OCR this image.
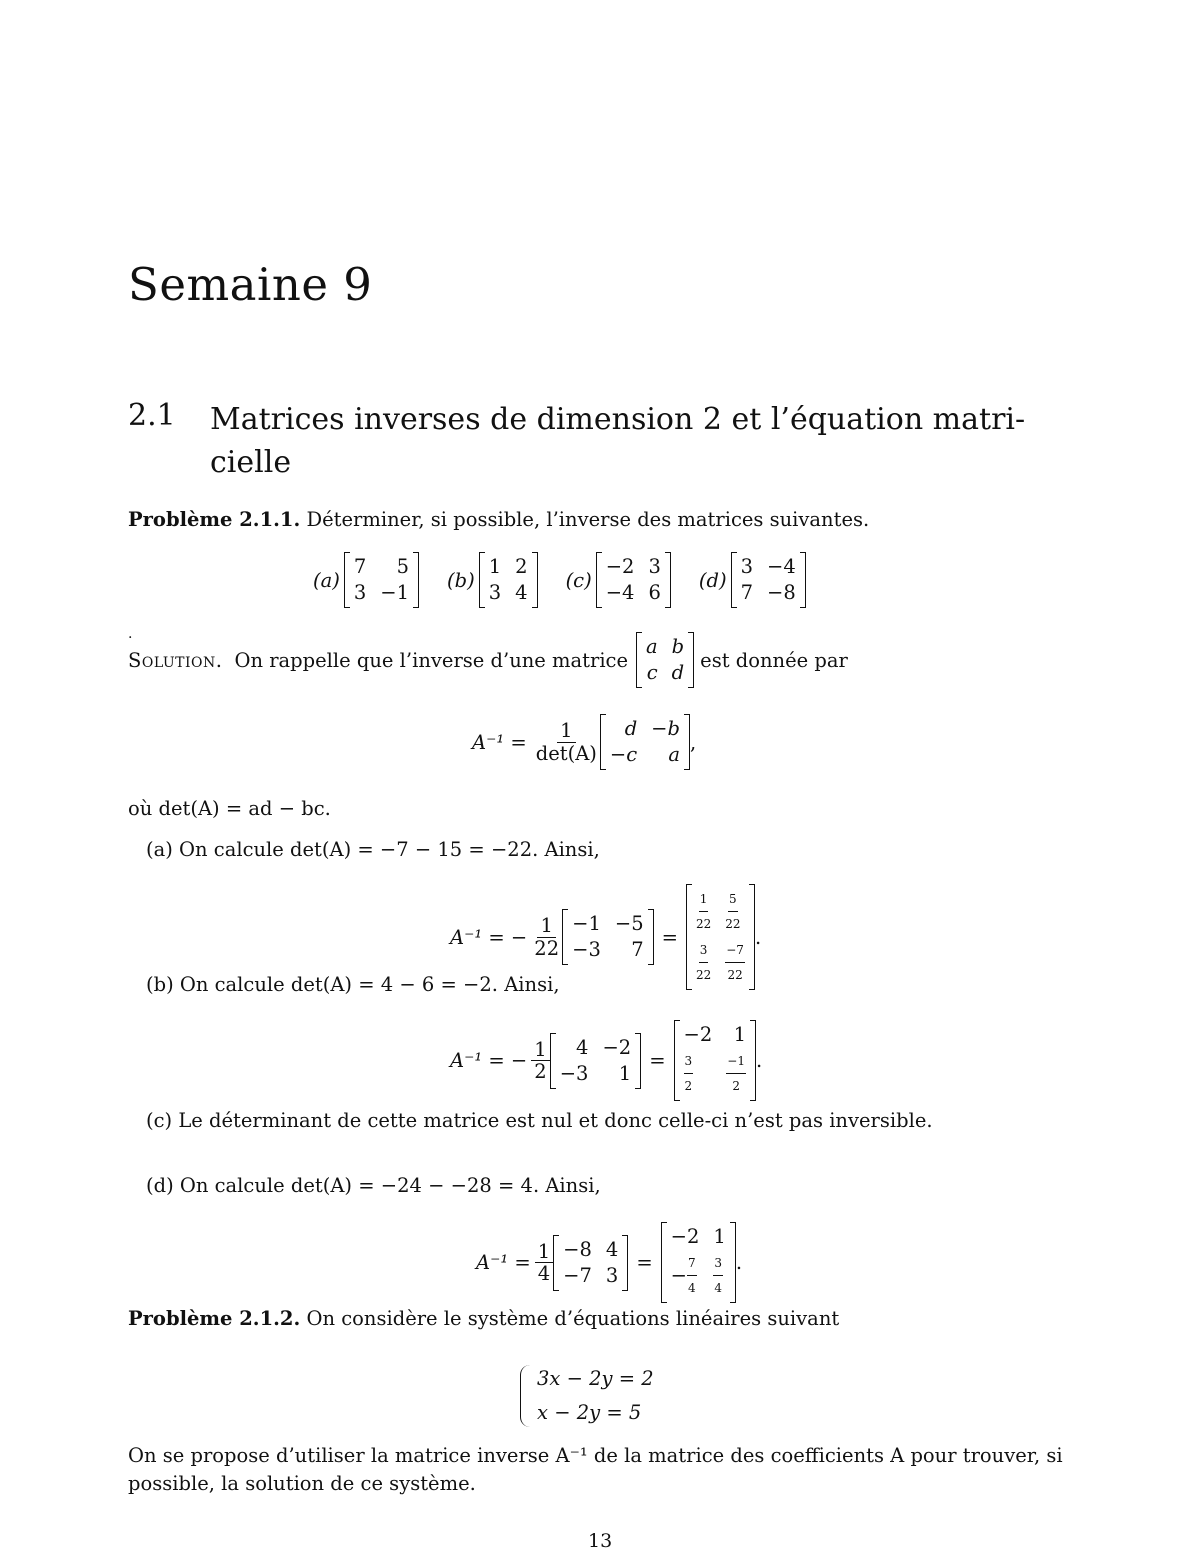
Semaine 9
2.1 Matrices inverses de dimension 2 et l’équation matri-cielle
Problème 2.1.1. Déterminer, si possible, l’inverse des matrices suivantes.
(a)
7	5
3 −1
(b)
1 2
3 4
(c)
−2 3
−4 6
(d)
3 −4
7 −8
.
Solution. On rappelle que l’inverse d’une matrice
a b
c d
est donnée par
$A^{-1} = \frac{1}{\det(A)}$	d −b
−c	a
,
où det(A) = ad − bc.
(a) On calcule det(A) = −7 − 15 = −22. Ainsi,
A⁻¹ = − $\frac{1}{22} -1 -5$
−3	7
=
$\frac{1}{22} \frac{5}{22}$
$\frac{3}{22} \frac{-7}{22}$
.
(b) On calcule det(A) = 4 − 6 = −2. Ainsi,
A⁻¹ = − $\frac{1}{2}$	4 −2
−3	1
=
−2	1
$\frac{3}{2}$	$\frac{-1}{2}$ .
(c) Le déterminant de cette matrice est nul et donc celle-ci n’est pas inversible.
(d) On calcule det(A) = −24 − −28 = 4. Ainsi,
$A^{-1} = \frac{1}{4} -8$ 4
−7 3
=
−2 1
− $\frac{7}{4} \frac{3}{4}$ .
Problème 2.1.2. On considère le système d’équations linéaires suivant
3x − 2y = 2
x − 2y = 5
On se propose d’utiliser la matrice inverse A⁻¹ de la matrice des coefficients A pour trouver, si
possible, la solution de ce système.
13
